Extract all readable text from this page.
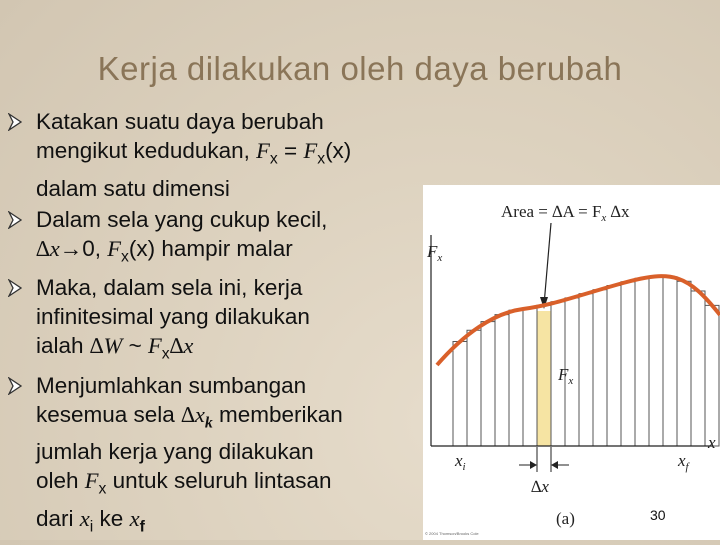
Kerja dilakukan oleh daya berubah
Katakan suatu daya berubah
mengikut kedudukan, $F_x = F_x(x)$
dalam satu dimensi
Dalam sela yang cukup kecil,
∆x→0, $F_x(x)$ hampir malar
Maka, dalam sela ini, kerja
infinitesimal yang dilakukan
ialah ∆W ~ $F_x\Delta x$
Menjumlahkan sumbangan
kesemua sela $\Delta x_k$ memberikan
jumlah kerja yang dilakukan
oleh $F_x$ untuk seluruh lintasan
dari $x_i$ ke $x_f$
Area = $\Delta A = F_x$ ∆x
$F_x$
$F_x$
x
$x_i$	$x_f$
∆x
(a)
© 2004 Thomson/Brooks Cole
30
